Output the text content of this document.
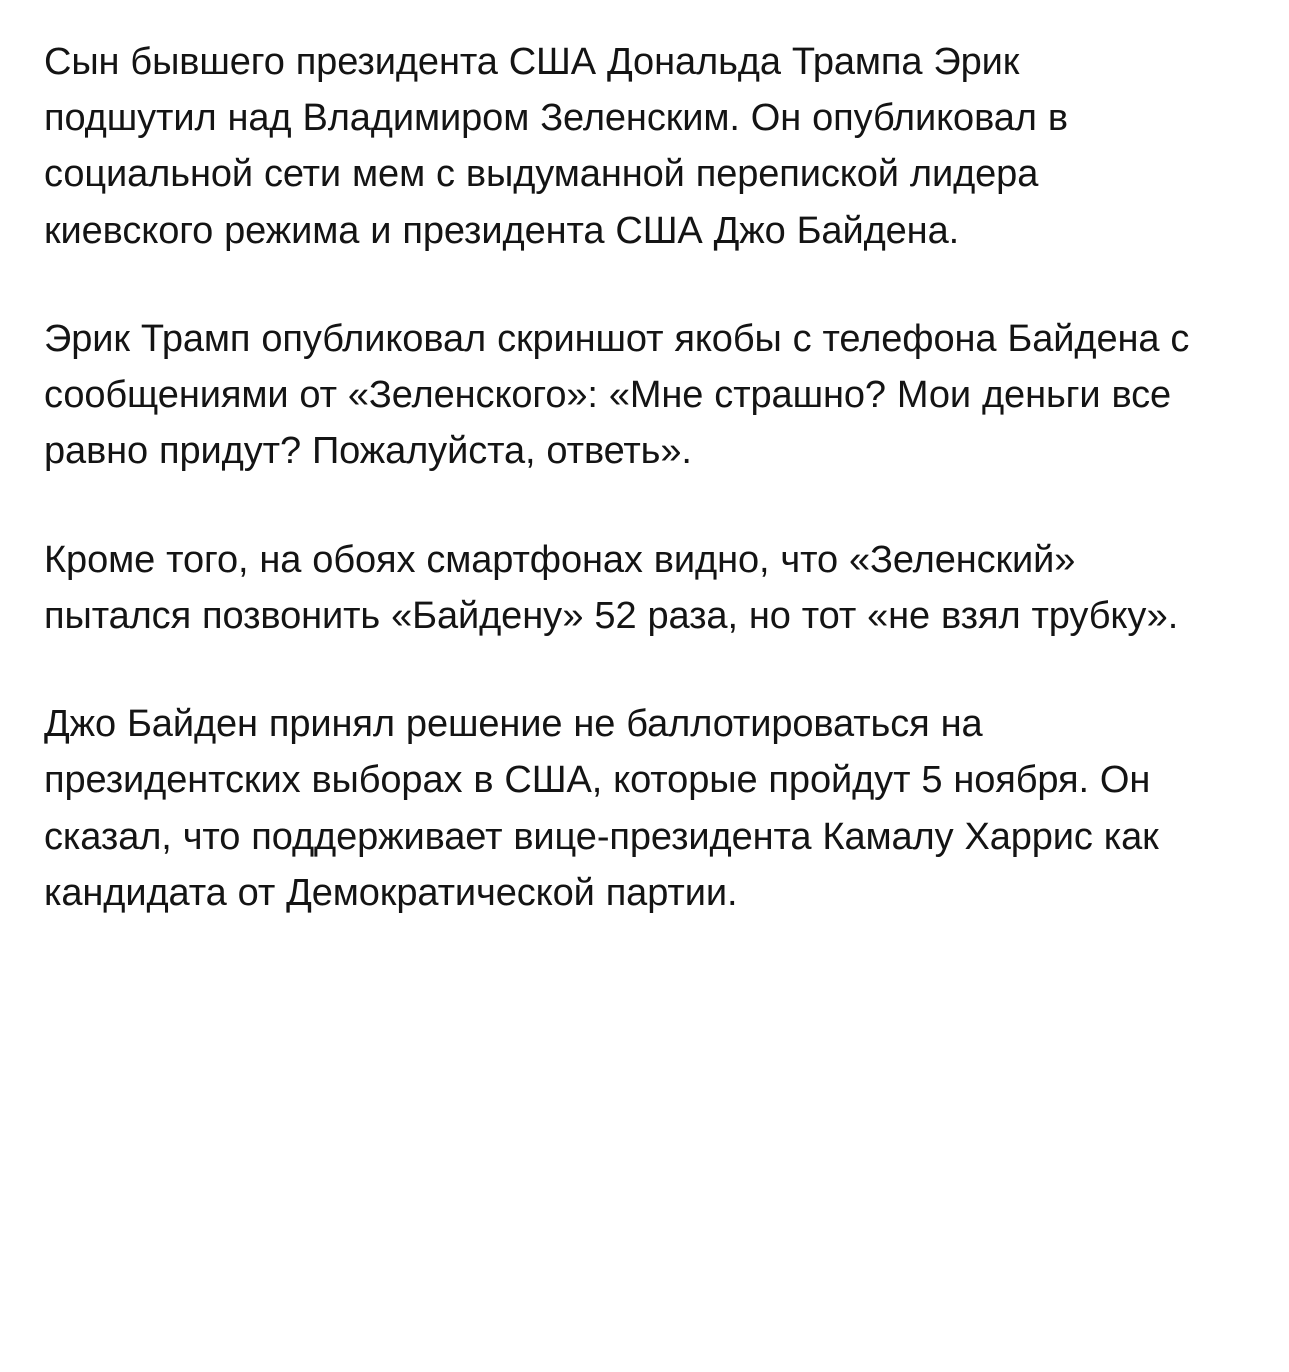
Сын бывшего президента США Дональда Трампа Эрик подшутил над Владимиром Зеленским. Он опубликовал в социальной сети мем с выдуманной перепиской лидера киевского режима и президента США Джо Байдена.

Эрик Трамп опубликовал скриншот якобы с телефона Байдена с сообщениями от «Зеленского»: «Мне страшно? Мои деньги все равно придут? Пожалуйста, ответь».

Кроме того, на обоях смартфонах видно, что «Зеленский» пытался позвонить «Байдену» 52 раза, но тот «не взял трубку».

Джо Байден принял решение не баллотироваться на президентских выборах в США, которые пройдут 5 ноября. Он сказал, что поддерживает вице-президента Камалу Харрис как кандидата от Демократической партии.
